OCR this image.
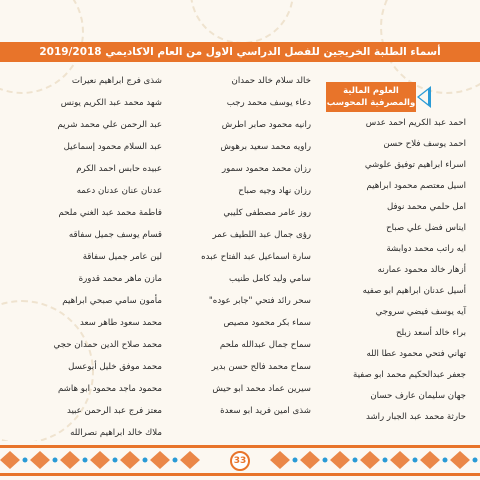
أسماء الطلبة الخريجين للفصل الدراسي الاول من العام الاكاديمي 2019/2018
العلوم المالية
والمصرفية المحوسب
احمد عبد الكريم احمد عدس
احمد يوسف فلاح حسن
اسراء ابراهيم توفيق علوشي
اسيل معتصم محمود ابراهيم
امل حلمي محمد نوفل
ايناس فضل علي صباح
ايه راتب محمد دوابشة
أزهار خالد محمود عمارنه
أسيل عدنان ابراهيم ابو صفيه
آيه يوسف فيضي سروجي
براء خالد أسعد زبلح
تهاني فتحي محمود عطا الله
جعفر عبدالحكيم محمد ابو صفية
جهان سليمان عارف حسان
حارثة محمد عبد الجبار راشد
خالد سلام خالد حمدان
دعاء يوسف محمد رجب
رانيه محمود صابر اطرش
راويه محمد سعيد برهوش
رزان محمد محمود سمور
رزان نهاد وجيه صباح
روز عامر مصطفى كليبي
رؤى جمال عبد اللطيف عمر
سارة اسماعيل عبد الفتاح عبده
سامي وليد كامل طنيب
سحر رائد فتحي "جابر عوده"
سماء بكر محمود مصيص
سماح جمال عبدالله ملحم
سماح محمد فالح حسن بدير
سيرين عماد محمد ابو حيش
شذى امين فريد ابو سعدة
شذى فرج ابراهيم نعيرات
شهد محمد عبد الكريم يونس
عبد الرحمن علي محمد شريم
عبد السلام محمود إسماعيل
عبيده حابس احمد الكرم
عدنان عنان عدنان دعمه
فاطمة محمد عبد الغني ملحم
قسام يوسف جميل سفاقه
لين عامر جميل سفاقة
مازن ماهر محمد قدورة
مأمون سامي صبحي ابراهيم
محمد سعود طاهر سعد
محمد صلاح الدين حمدان حجي
محمد موفق خليل أبوعسل
محمود ماجد محمود ابو هاشم
معتز فرج عبد الرحمن عبيد
ملاك خالد ابراهيم نصرالله
33
